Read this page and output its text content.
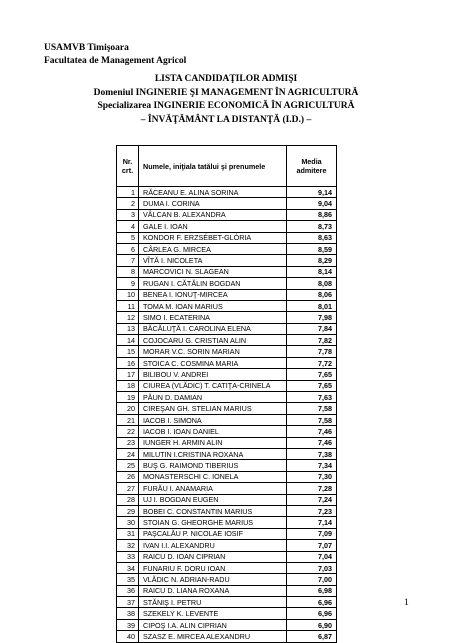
USAMVB Timişoara
Facultatea de Management Agricol
LISTA CANDIDAŢILOR ADMIŞI
Domeniul INGINERIE ŞI MANAGEMENT ÎN AGRICULTURĂ
Specializarea INGINERIE ECONOMICĂ ÎN AGRICULTURĂ
– ÎNVĂŢĂMÂNT LA DISTANŢĂ (I.D.) –
Nr. crt.	Numele, iniţiala tatălui şi prenumele	Media admitere

1	RĂCEANU E. ALINA SORINA	9,14
2	DUMA I. CORINA	9,04
3	VÂLCAN B. ALEXANDRA	8,86
4	GALE I. IOAN	8,73
5	KONDOR F. ERZSÉBET-GLÓRIA	8,63
6	CÂRLEA G. MIRCEA	8,59
7	VÎTĂ I. NICOLETA	8,29
8	MARCOVICI N. SLAGEAN	8,14
9	RUGAN I. CĂTĂLIN BOGDAN	8,08
10	BENEA I. IONUŢ-MIRCEA	8,06
11	TOMA M. IOAN MARIUS	8,01
12	SIMO I. ECATERINA	7,98
13	BĂCĂLUŢĂ I. CAROLINA ELENA	7,84
14	COJOCARU G. CRISTIAN ALIN	7,82
15	MORAR V.C. SORIN MARIAN	7,78
16	STOICA C. COSMINA MARIA	7,72
17	BILIBOU V. ANDREI	7,65
18	CIUREA (VLĂDIC) T. CATIŢA-CRINELA	7,65
19	PĂUN D. DAMIAN	7,63
20	CIREŞAN GH. STELIAN MARIUS	7,58
21	IACOB I. SIMONA	7,58
22	IACOB I. IOAN DANIEL	7,46
23	IUNGER H. ARMIN ALIN	7,46
24	MILUTIN I.CRISTINA ROXANA	7,38
25	BUŞ G. RAIMOND TIBERIUS	7,34
26	MONASTERSCHI C. IONELA	7,30
27	FURĂU I. ANAMARIA	7,28
28	UJ I. BOGDAN EUGEN	7,24
29	BOBEI C. CONSTANTIN MARIUS	7,23
30	STOIAN G. GHEORGHE MARIUS	7,14
31	PAŞCALĂU P. NICOLAE IOSIF	7,09
32	IVAN I.I. ALEXANDRU	7,07
33	RAICU D. IOAN CIPRIAN	7,04
34	FUNARIU F. DORU IOAN	7,03
35	VLĂDIC N. ADRIAN-RADU	7,00
36	RAICU D. LIANA ROXANA	6,98
37	STĂNIŞ I. PETRU	6,96
38	SZEKELY K. LEVENTE	6,96
39	CIPOŞ I.A. ALIN CIPRIAN	6,90
40	SZASZ E. MIRCEA ALEXANDRU	6,87
1
